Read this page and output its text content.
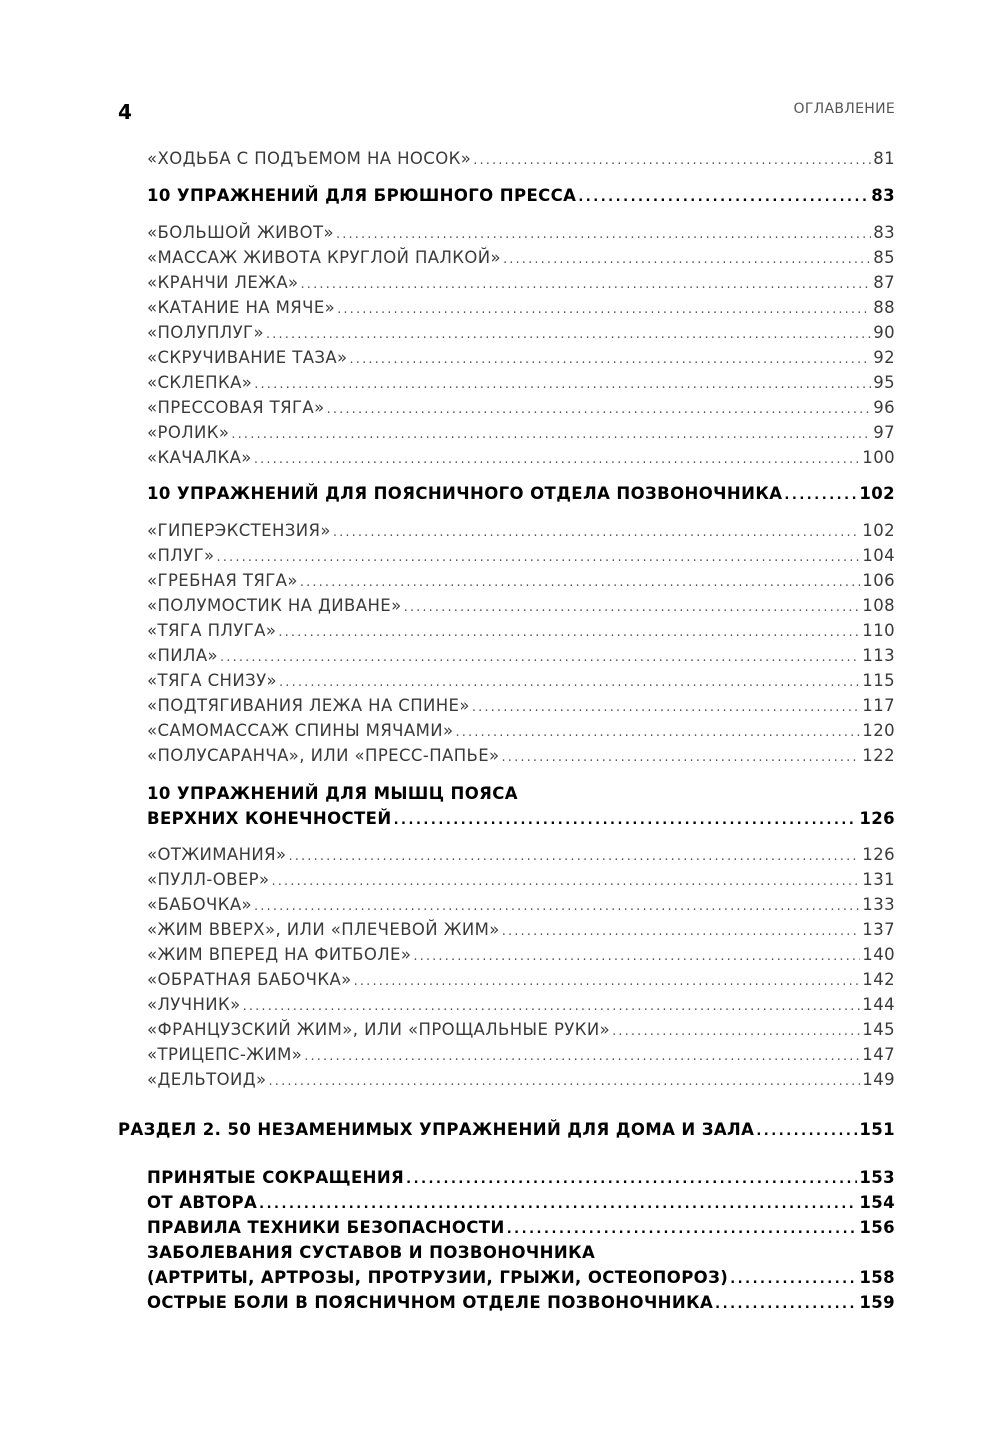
4	ОГЛАВЛЕНИЕ
«ХОДЬБА С ПОДЪЕМОМ НА НОСОК» . . .	81
10 УПРАЖНЕНИЙ ДЛЯ БРЮШНОГО ПРЕССА . . .	83
«БОЛЬШОЙ ЖИВОТ» . . .	83
«МАССАЖ ЖИВОТА КРУГЛОЙ ПАЛКОЙ» . . .	85
«КРАНЧИ ЛЕЖА» . . .	87
«КАТАНИЕ НА МЯЧЕ» . . .	88
«ПОЛУПЛУГ» . . .	90
«СКРУЧИВАНИЕ ТАЗА» . . .	92
«СКЛЕПКА» . . .	95
«ПРЕССОВАЯ ТЯГА» . . .	96
«РОЛИК» . . .	97
«КАЧАЛКА» . . .	100
10 УПРАЖНЕНИЙ ДЛЯ ПОЯСНИЧНОГО ОТДЕЛА ПОЗВОНОЧНИКА . . .	102
«ГИПЕРЭКСТЕНЗИЯ» . . .	102
«ПЛУГ» . . .	104
«ГРЕБНАЯ ТЯГА» . . .	106
«ПОЛУМОСТИК НА ДИВАНЕ» . . .	108
«ТЯГА ПЛУГА» . . .	110
«ПИЛА» . . .	113
«ТЯГА СНИЗУ» . . .	115
«ПОДТЯГИВАНИЯ ЛЕЖА НА СПИНЕ» . . .	117
«САМОМАССАЖ СПИНЫ МЯЧАМИ» . . .	120
«ПОЛУСАРАНЧА», ИЛИ «ПРЕСС-ПАПЬЕ» . . .	122
10 УПРАЖНЕНИЙ ДЛЯ МЫШЦ ПОЯСА
ВЕРХНИХ КОНЕЧНОСТЕЙ . . .	126
«ОТЖИМАНИЯ» . . .	126
«ПУЛЛ-ОВЕР» . . .	131
«БАБОЧКА» . . .	133
«ЖИМ ВВЕРХ», ИЛИ «ПЛЕЧЕВОЙ ЖИМ» . . .	137
«ЖИМ ВПЕРЕД НА ФИТБОЛЕ» . . .	140
«ОБРАТНАЯ БАБОЧКА» . . .	142
«ЛУЧНИК» . . .	144
«ФРАНЦУЗСКИЙ ЖИМ», ИЛИ «ПРОЩАЛЬНЫЕ РУКИ» . . .	145
«ТРИЦЕПС-ЖИМ» . . .	147
«ДЕЛЬТОИД» . . .	149
РАЗДЕЛ 2. 50 НЕЗАМЕНИМЫХ УПРАЖНЕНИЙ ДЛЯ ДОМА И ЗАЛА . . .	151
ПРИНЯТЫЕ СОКРАЩЕНИЯ . . .	153
ОТ АВТОРА . . .	154
ПРАВИЛА ТЕХНИКИ БЕЗОПАСНОСТИ . . .	156
ЗАБОЛЕВАНИЯ СУСТАВОВ И ПОЗВОНОЧНИКА
(АРТРИТЫ, АРТРОЗЫ, ПРОТРУЗИИ, ГРЫЖИ, ОСТЕОПОРОЗ) . . .	158
ОСТРЫЕ БОЛИ В ПОЯСНИЧНОМ ОТДЕЛЕ ПОЗВОНОЧНИКА . . .	159
